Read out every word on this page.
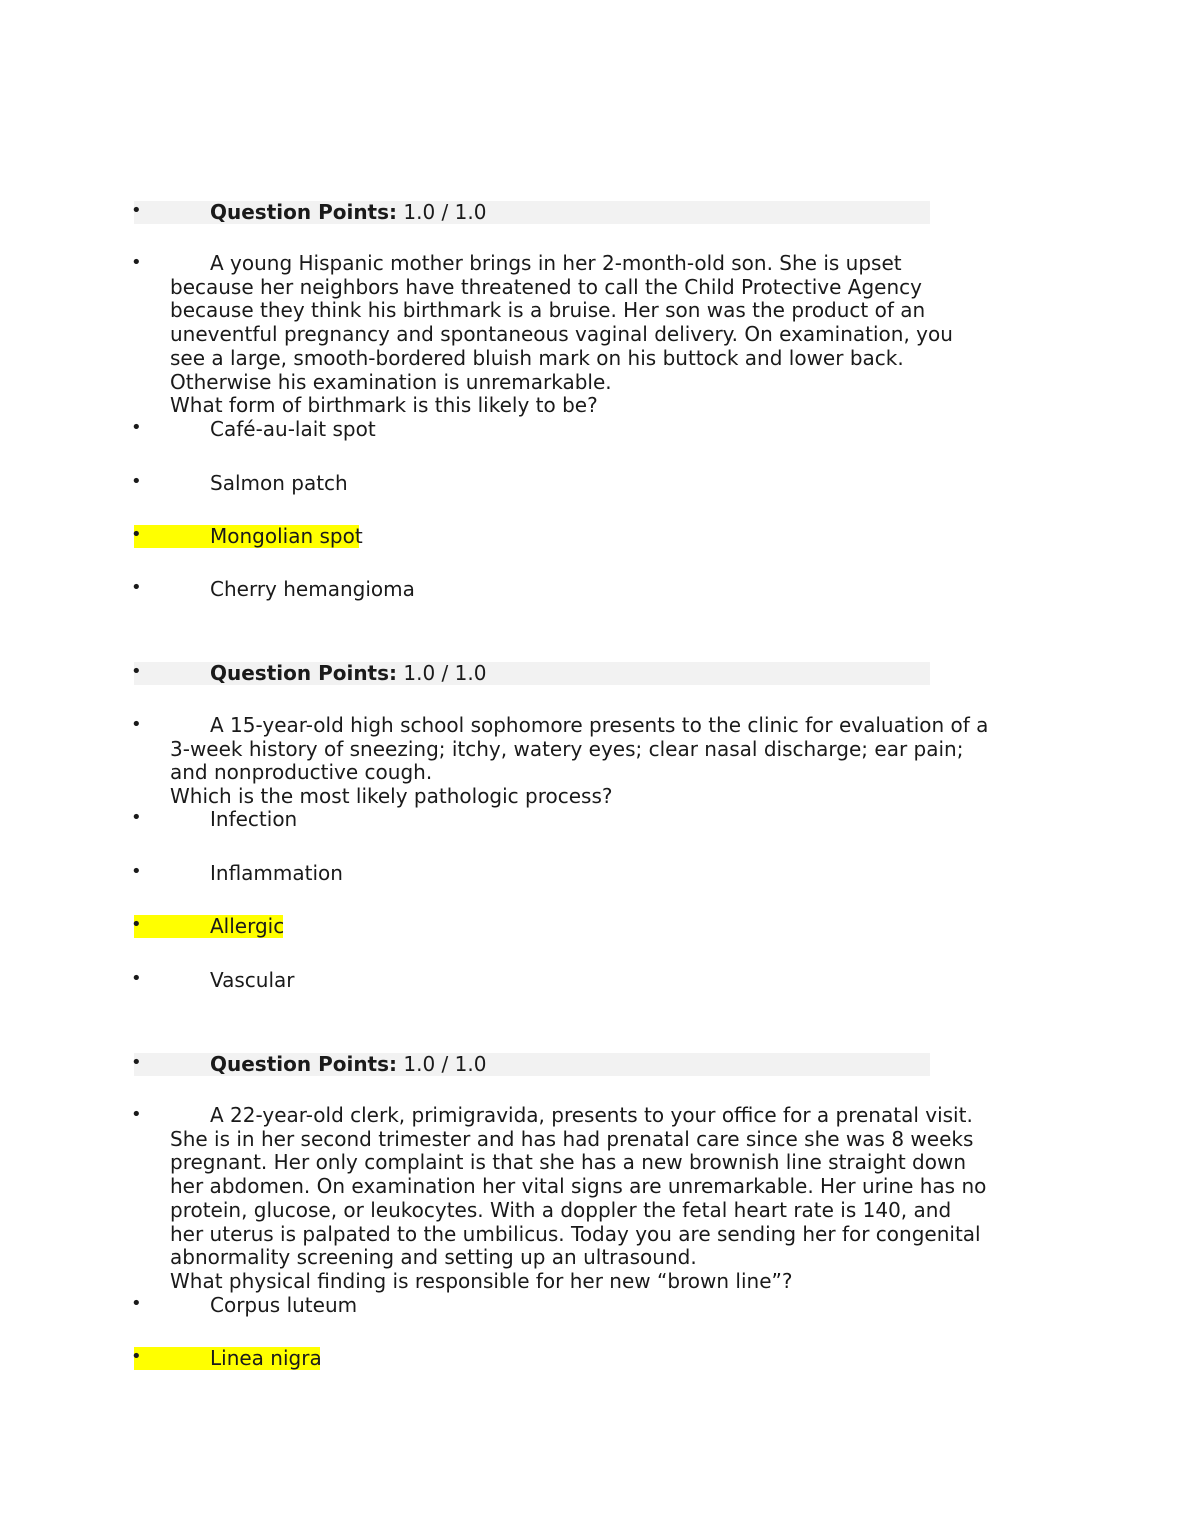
•	Question Points: 1.0 / 1.0
•	A young Hispanic mother brings in her 2-month-old son. She is upset
because her neighbors have threatened to call the Child Protective Agency
because they think his birthmark is a bruise. Her son was the product of an
uneventful pregnancy and spontaneous vaginal delivery. On examination, you
see a large, smooth-bordered bluish mark on his buttock and lower back.
Otherwise his examination is unremarkable.
What form of birthmark is this likely to be?
•	Café-au-lait spot
•	Salmon patch
•	Mongolian spot
•	Cherry hemangioma
•	Question Points: 1.0 / 1.0
•	A 15-year-old high school sophomore presents to the clinic for evaluation of a
3-week history of sneezing; itchy, watery eyes; clear nasal discharge; ear pain;
and nonproductive cough.
Which is the most likely pathologic process?
•	Infection
•	Inflammation
•	Allergic
•	Vascular
•	Question Points: 1.0 / 1.0
•	A 22-year-old clerk, primigravida, presents to your office for a prenatal visit.
She is in her second trimester and has had prenatal care since she was 8 weeks
pregnant. Her only complaint is that she has a new brownish line straight down
her abdomen. On examination her vital signs are unremarkable. Her urine has no
protein, glucose, or leukocytes. With a doppler the fetal heart rate is 140, and
her uterus is palpated to the umbilicus. Today you are sending her for congenital
abnormality screening and setting up an ultrasound.
What physical finding is responsible for her new “brown line”?
•	Corpus luteum
•	Linea nigra
